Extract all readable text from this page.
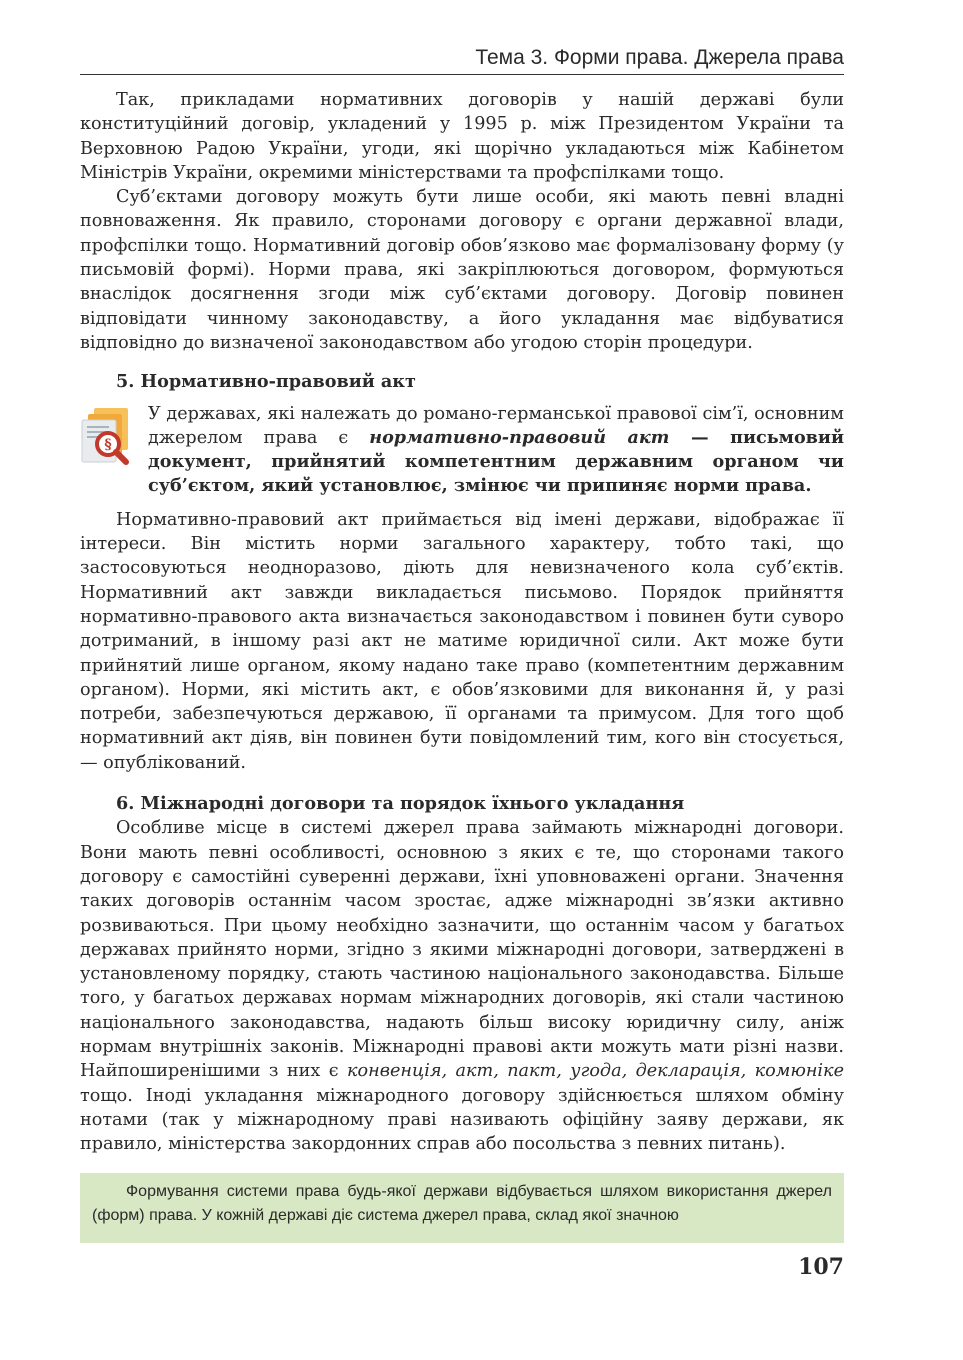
Тема 3. Форми права. Джерела права

Так, прикладами нормативних договорів у нашій державі були конституційний договір, укладений у 1995 р. між Президентом України та Верховною Радою України, угоди, які щорічно укладаються між Кабінетом Міністрів України, окремими міністерствами та профспілками тощо.

Суб’єктами договору можуть бути лише особи, які мають певні владні повноваження. Як правило, сторонами договору є органи державної влади, профспілки тощо. Нормативний договір обов’язково має формалізовану форму (у письмовій формі). Норми права, які закріплюються договором, формуються внаслідок досягнення згоди між суб’єктами договору. Договір повинен відповідати чинному законодавству, а його укладання має відбуватися відповідно до визначеної законодавством або угодою сторін процедури.

5. Нормативно-правовий акт

§

У державах, які належать до романо-германської правової сім’ї, основним джерелом права є нормативно-правовий акт — письмовий документ, прийнятий компетентним державним органом чи суб’єктом, який установлює, змінює чи припиняє норми права.

Нормативно-правовий акт приймається від імені держави, відображає її інтереси. Він містить норми загального характеру, тобто такі, що застосовуються неодноразово, діють для невизначеного кола суб’єктів. Нормативний акт завжди викладається письмово. Порядок прийняття нормативно-правового акта визначається законодавством і повинен бути суворо дотриманий, в іншому разі акт не матиме юридичної сили. Акт може бути прийнятий лише органом, якому надано таке право (компетентним державним органом). Норми, які містить акт, є обов’язковими для виконання й, у разі потреби, забезпечуються державою, її органами та примусом. Для того щоб нормативний акт діяв, він повинен бути повідомлений тим, кого він стосується, — опублікований.

6. Міжнародні договори та порядок їхнього укладання

Особливе місце в системі джерел права займають міжнародні договори. Вони мають певні особливості, основною з яких є те, що сторонами такого договору є самостійні суверенні держави, їхні уповноважені органи. Значення таких договорів останнім часом зростає, адже міжнародні зв’язки активно розвиваються. При цьому необхідно зазначити, що останнім часом у багатьох державах прийнято норми, згідно з якими міжнародні договори, затверджені в установленому порядку, стають частиною національного законодавства. Більше того, у багатьох державах нормам міжнародних договорів, які стали частиною національного законодавства, надають більш високу юридичну силу, аніж нормам внутрішніх законів. Міжнародні правові акти можуть мати різні назви. Найпоширенішими з них є конвенція, акт, пакт, угода, декларація, комюніке тощо. Іноді укладання міжнародного договору здійснюється шляхом обміну нотами (так у міжнародному праві називають офіційну заяву держави, як правило, міністерства закордонних справ або посольства з певних питань).

Формування системи права будь-якої держави відбувається шляхом використання джерел (форм) права. У кожній державі діє система джерел права, склад якої значною

107
